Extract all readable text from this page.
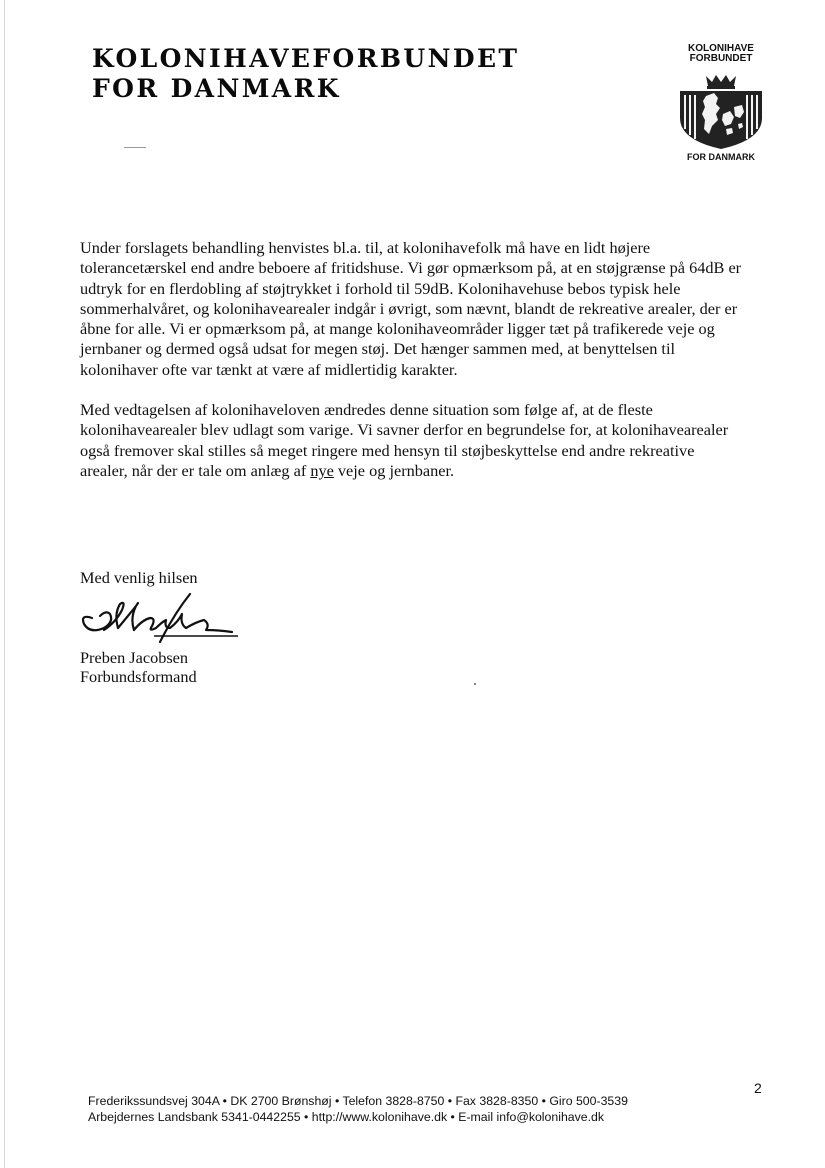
KOLONIHAVEFORBUNDET
FOR DANMARK
KOLONIHAVE
FORBUNDET
FOR DANMARK

Under forslagets behandling henvistes bl.a. til, at kolonihavefolk må have en lidt højere
tolerancetærskel end andre beboere af fritidshuse. Vi gør opmærksom på, at en støjgrænse på 64dB er
udtryk for en flerdobling af støjtrykket i forhold til 59dB. Kolonihavehuse bebos typisk hele
sommerhalvåret, og kolonihavearealer indgår i øvrigt, som nævnt, blandt de rekreative arealer, der er
åbne for alle. Vi er opmærksom på, at mange kolonihaveområder ligger tæt på trafikerede veje og
jernbaner og dermed også udsat for megen støj. Det hænger sammen med, at benyttelsen til
kolonihaver ofte var tænkt at være af midlertidig karakter.

Med vedtagelsen af kolonihaveloven ændredes denne situation som følge af, at de fleste
kolonihavearealer blev udlagt som varige. Vi savner derfor en begrundelse for, at kolonihavearealer
også fremover skal stilles så meget ringere med hensyn til støjbeskyttelse end andre rekreative
arealer, når der er tale om anlæg af nye veje og jernbaner.

Med venlig hilsen
Preben Jacobsen
Forbundsformand
2
Frederikssundsvej 304A • DK 2700 Brønshøj • Telefon 3828-8750 • Fax 3828-8350 • Giro 500-3539
Arbejdernes Landsbank 5341-0442255 • http://www.kolonihave.dk • E-mail info@kolonihave.dk
